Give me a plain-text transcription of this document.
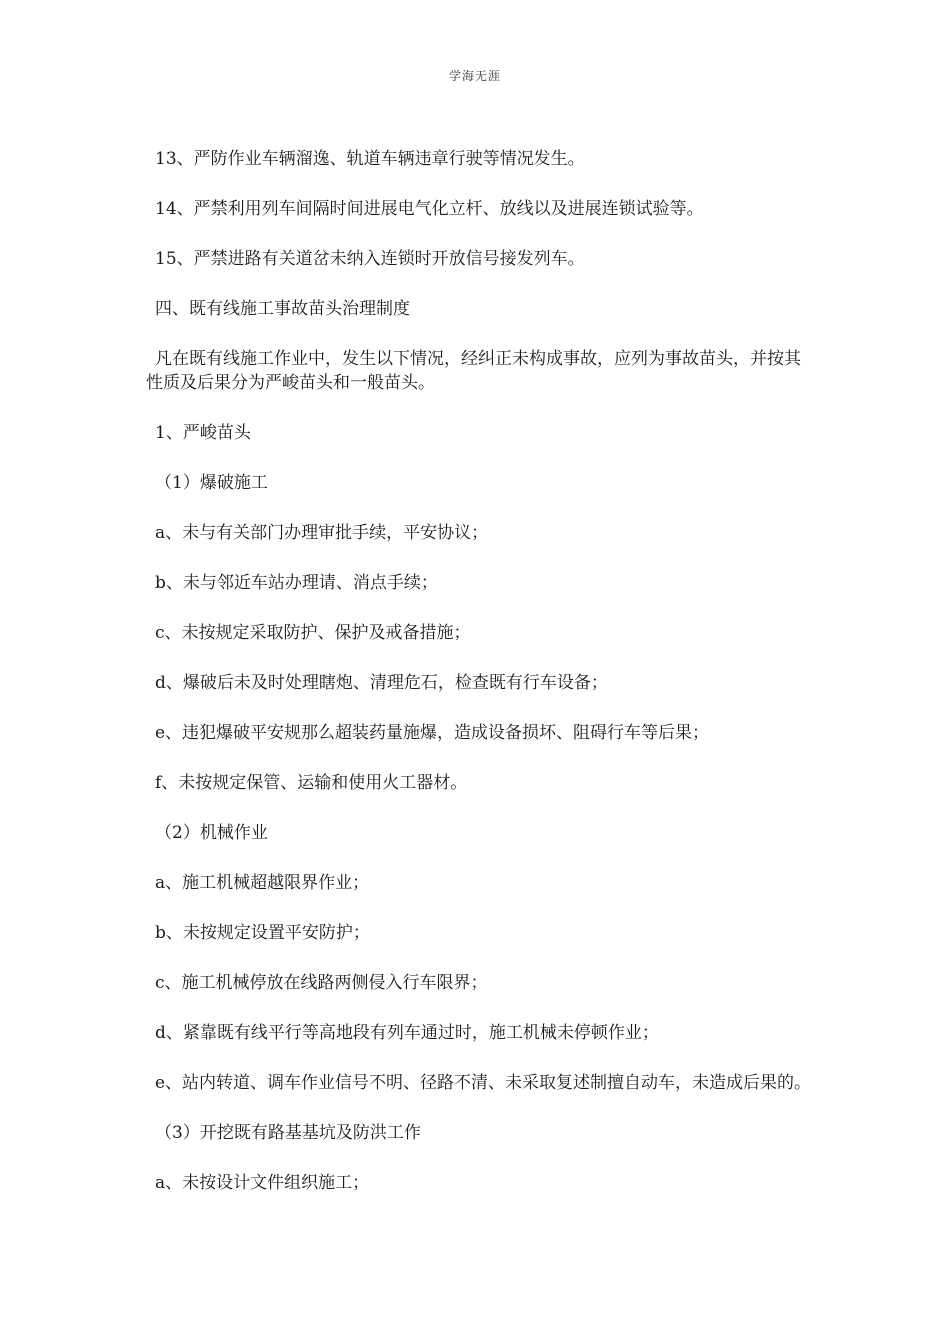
学海无涯

13、严防作业车辆溜逸、轨道车辆违章行驶等情况发生。

14、严禁利用列车间隔时间进展电气化立杆、放线以及进展连锁试验等。

15、严禁进路有关道岔未纳入连锁时开放信号接发列车。

四、既有线施工事故苗头治理制度

凡在既有线施工作业中，发生以下情况，经纠正未构成事故，应列为事故苗头，并按其性质及后果分为严峻苗头和一般苗头。

1、严峻苗头

（1）爆破施工

a、未与有关部门办理审批手续，平安协议；

b、未与邻近车站办理请、消点手续；

c、未按规定采取防护、保护及戒备措施；

d、爆破后未及时处理瞎炮、清理危石，检查既有行车设备；

e、违犯爆破平安规那么超装药量施爆，造成设备损坏、阻碍行车等后果；

f、未按规定保管、运输和使用火工器材。

（2）机械作业

a、施工机械超越限界作业；

b、未按规定设置平安防护；

c、施工机械停放在线路两侧侵入行车限界；

d、紧靠既有线平行等高地段有列车通过时，施工机械未停顿作业；

e、站内转道、调车作业信号不明、径路不清、未采取复述制擅自动车，未造成后果的。

（3）开挖既有路基基坑及防洪工作

a、未按设计文件组织施工；
